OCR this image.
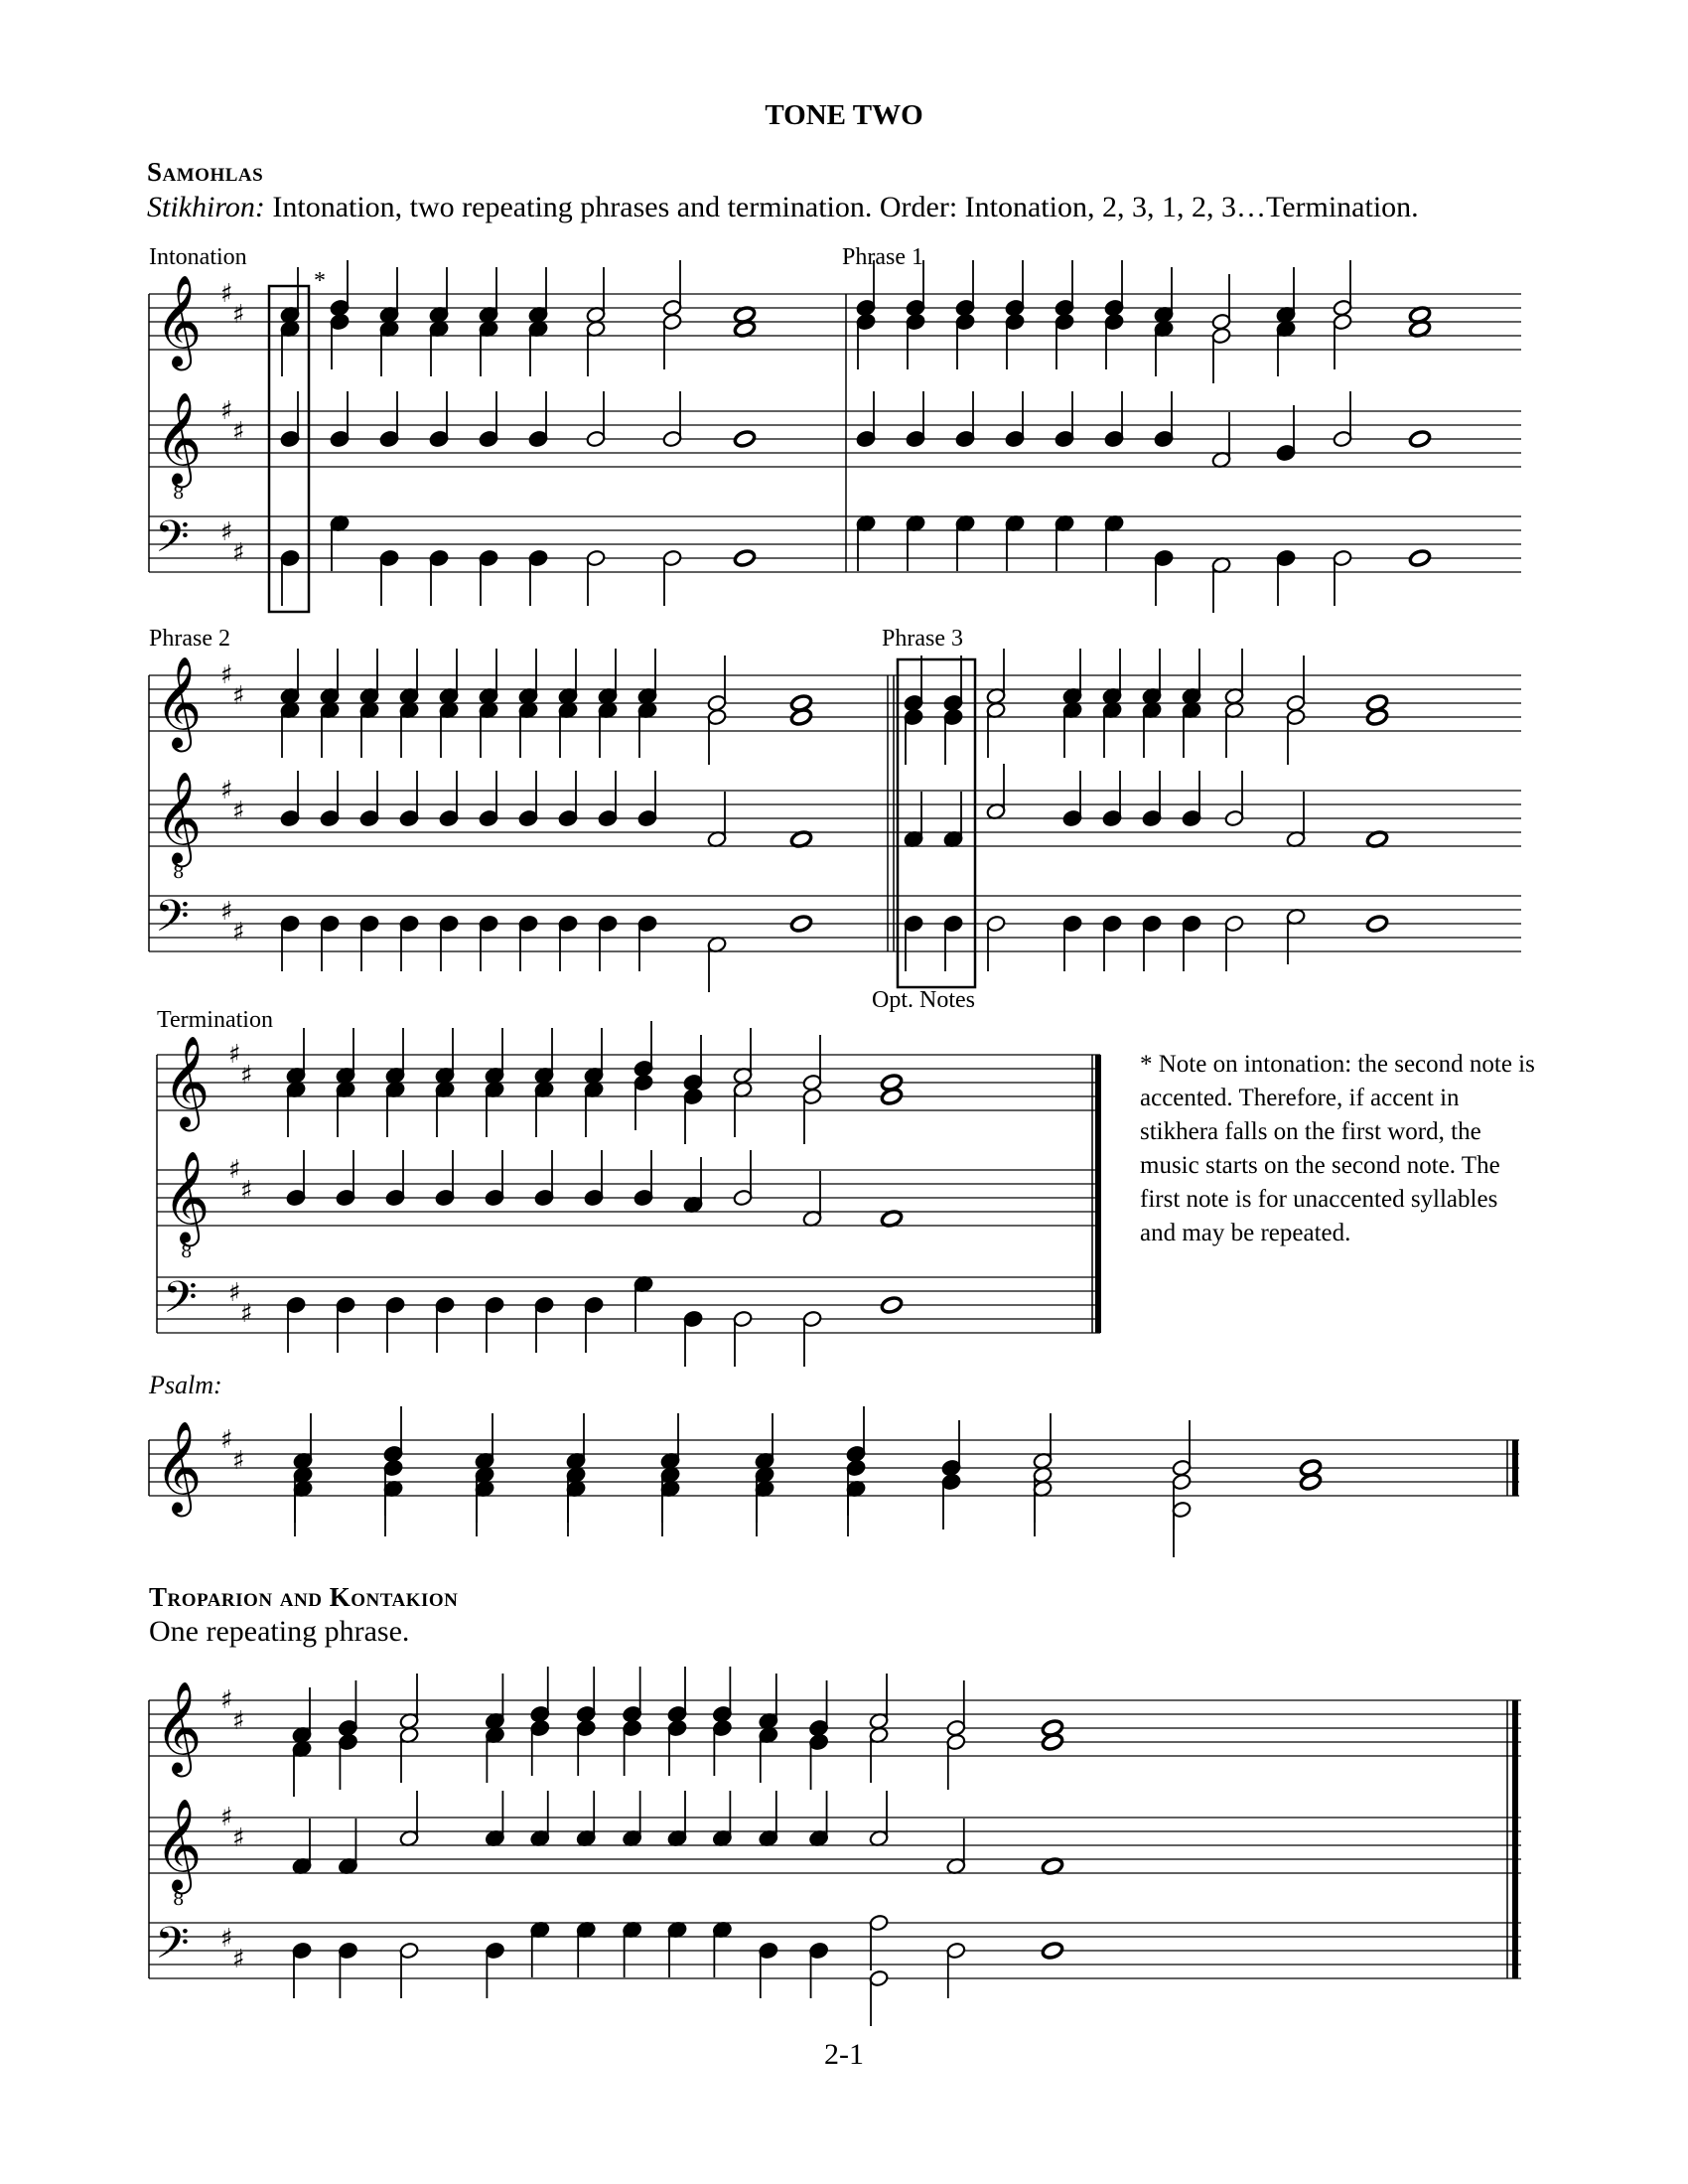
TONE TWO
Samohlas
Stikhiron: Intonation, two repeating phrases and termination. Order: Intonation, 2, 3, 1, 2, 3…Termination.
Intonation
*
Phrase 1
Phrase 2	Phrase 3
Opt. Notes
Termination
* Note on intonation: the second note is accented. Therefore, if accent in stikhera falls on the first word, the music starts on the second note. The first note is for unaccented syllables and may be repeated.
Psalm:
Troparion and Kontakion
One repeating phrase.
2-1
𝄞 ♯
♯
𝄞
8
♯
♯
𝄢 ♯
♯
𝄞 ♯
♯
𝄞
8
♯
♯
𝄢 ♯
♯
𝄞 ♯
♯
𝄞
8
♯
♯
𝄢 ♯
♯
𝄞 ♯
♯
𝄞 ♯
♯
𝄞
8
♯
♯
𝄢 ♯
♯
